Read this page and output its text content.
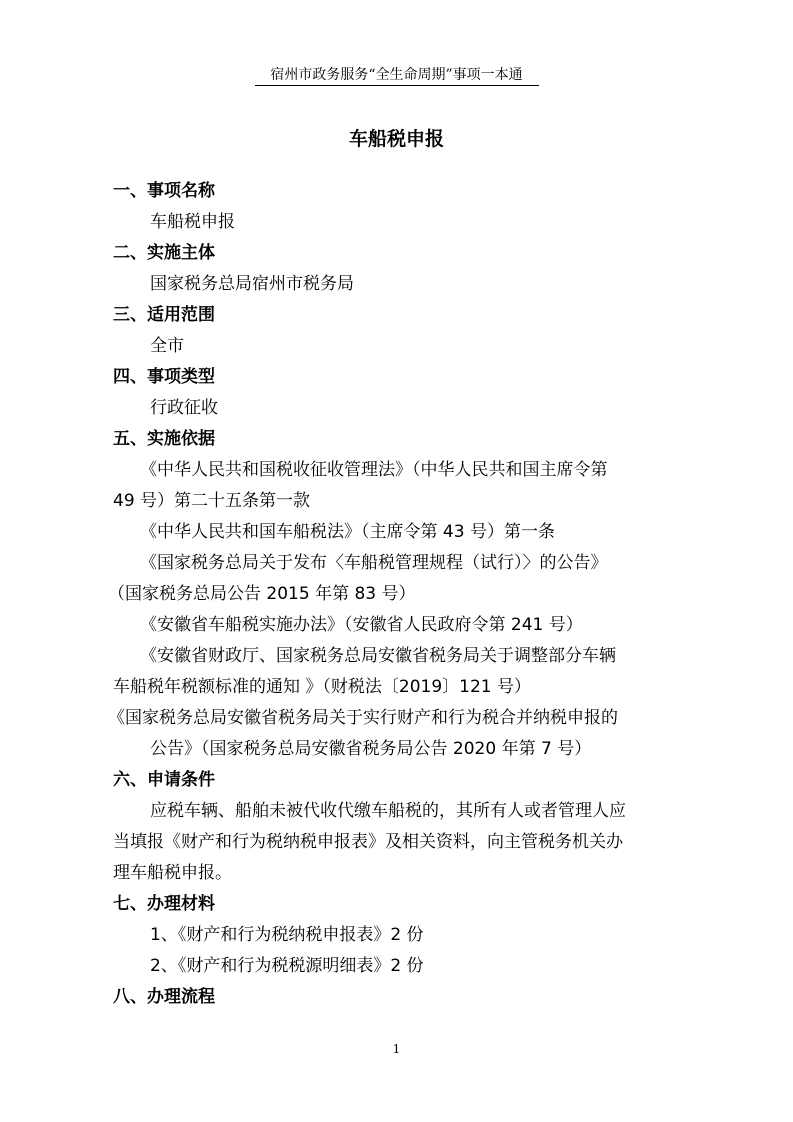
宿州市政务服务“全生命周期”事项一本通
车船税申报
一、事项名称
车船税申报
二、实施主体
国家税务总局宿州市税务局
三、适用范围
全市
四、事项类型
行政征收
五、实施依据
《中华人民共和国税收征收管理法》（中华人民共和国主席令第
49 号）第二十五条第一款
《中华人民共和国车船税法》（主席令第 43 号）第一条
《国家税务总局关于发布〈车船税管理规程（试行）〉的公告》
（国家税务总局公告 2015 年第 83 号）
《安徽省车船税实施办法》（安徽省人民政府令第 241 号）
《安徽省财政厅、国家税务总局安徽省税务局关于调整部分车辆
车船税年税额标准的通知 》（财税法〔2019〕121 号）
《国家税务总局安徽省税务局关于实行财产和行为税合并纳税申报的
公告》（国家税务总局安徽省税务局公告 2020 年第 7 号）
六、申请条件
应税车辆、船舶未被代收代缴车船税的，其所有人或者管理人应
当填报《财产和行为税纳税申报表》及相关资料，向主管税务机关办
理车船税申报。
七、办理材料
1、《财产和行为税纳税申报表》2 份
2、《财产和行为税税源明细表》2 份
八、办理流程
1
